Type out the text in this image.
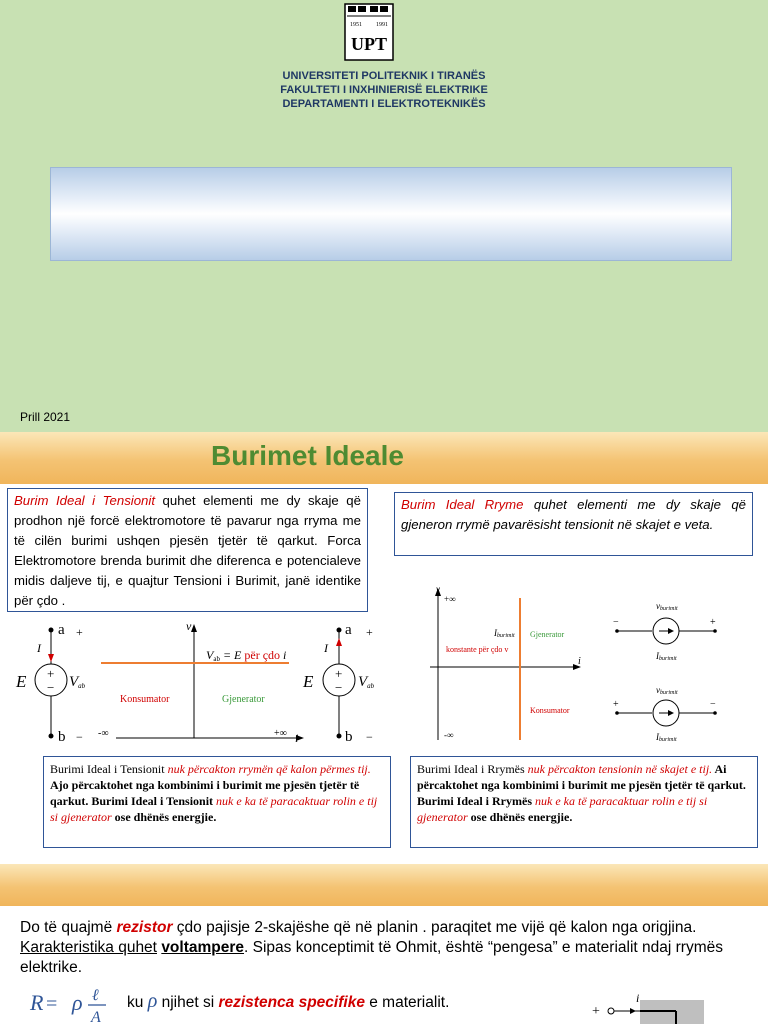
1951 1991
UPT
UNIVERSITETI POLITEKNIK I TIRANËS
FAKULTETI I INXHINIERISË ELEKTRIKE
DEPARTAMENTI I ELEKTROTEKNIKËS
Prill 2021
Burimet Ideale
Burim Ideal i Tensionit quhet elementi me dy skaje që prodhon një forcë elektromotore të pavarur nga rryma me të cilën burimi ushqen pjesën tjetër të qarkut. Forca Elektromotore brenda burimit dhe diferenca e potencialeve midis daljeve tij, e quajtur Tensioni i Burimit, janë identike për çdo .
Burim Ideal Rryme quhet elementi me dy skaje që gjeneron rrymë pavarësisht tensionit në skajet e veta.
a
b
+
−
I
+
−
E	Vab
v
i
-∞	+∞
Vab = E për çdo i
Konsumator	Gjenerator
a
b
+
−
I
+
−
E	Vab
v
i
+∞
-∞
Iburimit
konstante për çdo v
Gjenerator
Konsumator
vburimit
−	+
Iburimit
vburimit
+	−
Iburimit
Burimi Ideal i Tensionit nuk përcakton rrymën që kalon përmes tij. Ajo përcaktohet nga kombinimi i burimit me pjesën tjetër të qarkut. Burimi Ideal i Tensionit nuk e ka të paracaktuar rolin e tij si gjenerator ose dhënës energjie.
Burimi Ideal i Rrymës nuk përcakton tensionin në skajet e tij. Ai përcaktohet nga kombinimi i burimit me pjesën tjetër të qarkut. Burimi Ideal i Rrymës nuk e ka të paracaktuar rolin e tij si gjenerator ose dhënës energjie.
Do të quajmë rezistor çdo pajisje 2-skajëshe që në planin . paraqitet me vijë që kalon nga origjina. Karakteristika quhet voltampere. Sipas konceptimit të Ohmit, është “pengesa” e materialit ndaj rrymës elektrike.
R = ρ ℓ
A
ku ρ njihet si rezistenca specifike e materialit.
+
i
